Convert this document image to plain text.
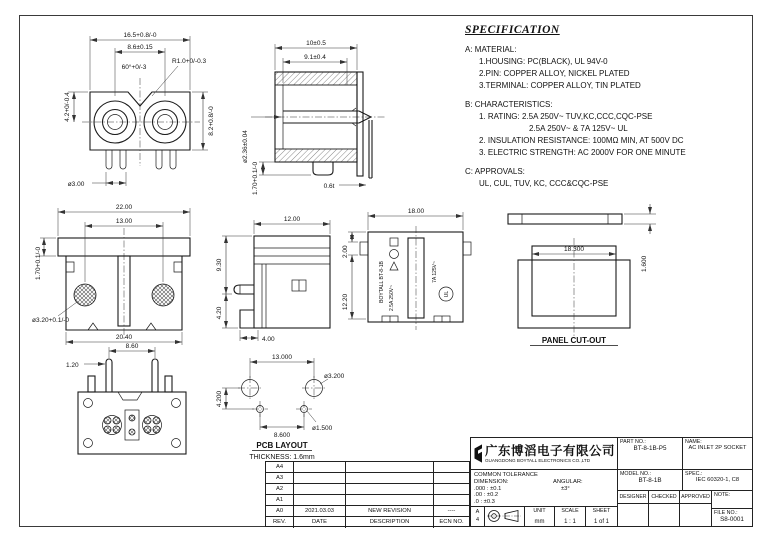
16.5+0.8/-0
8.6±0.15
60°+0/-3
R1.0+0/-0.3
4.2+0/-0.4	8.2+0.8/-0
ø3.00
10±0.5
9.1±0.4
ø2.36±0.04
1.70+0.1/-0	0.6t
SPECIFICATION
A: MATERIAL:

1.HOUSING: PC(BLACK), UL 94V-0

2.PIN: COPPER ALLOY, NICKEL PLATED

3.TERMINAL: COPPER ALLOY, TIN PLATED

B: CHARACTERISTICS:

1. RATING: 2.5A 250V~ TUV,KC,CCC,CQC-PSE

2.5A 250V~ & 7A 125V~ UL

2. INSULATION RESISTANCE: 100MΩ MIN, AT 500V DC

3. ELECTRIC STRENGTH: AC 2000V FOR ONE MINUTE

C: APPROVALS:

UL, CUL, TUV, KC, CCC&CQC-PSE

22.00
13.00
1.70+0.1/-0
ø3.20+0.1/-0
20.40
12.00
9.30
4.20
4.00
BOYTALL BT-8-1B 2.5A 250V~
7A 125V~
UL
18.00
2.00
12.20
1.600
18.300
PANEL CUT-OUT
8.60
1.20
13.000
4.200
ø3.200
ø1.500
8.600
PCB LAYOUT
THICKNESS: 1.6mm
A4
A3
A2
A1
A0	2021.03.03	NEW REVISION	----
REV.	DATE	DESCRIPTION	ECN NO.
广东博滔电子有限公司
GUANGDONG BOYTALL ELECTRONICS CO.,LTD
COMMON TOLERANCE
DIMENSION:
.000 : ±0.1
.00 : ±0.2
.0 : ±0.3
ANGULAR:
±3°
A
4
UNIT
mm
SCALE
1 : 1
SHEET
1 of 1
PART NO.:
BT-8-1B-P5
NAME:
AC INLET 2P SOCKET
MODEL NO.:
BT-8-1B
SPEC.:
IEC 60320-1, C8
DESIGNER CHECKED APPROVED NOTE:
FILE NO.:
S8-0001
